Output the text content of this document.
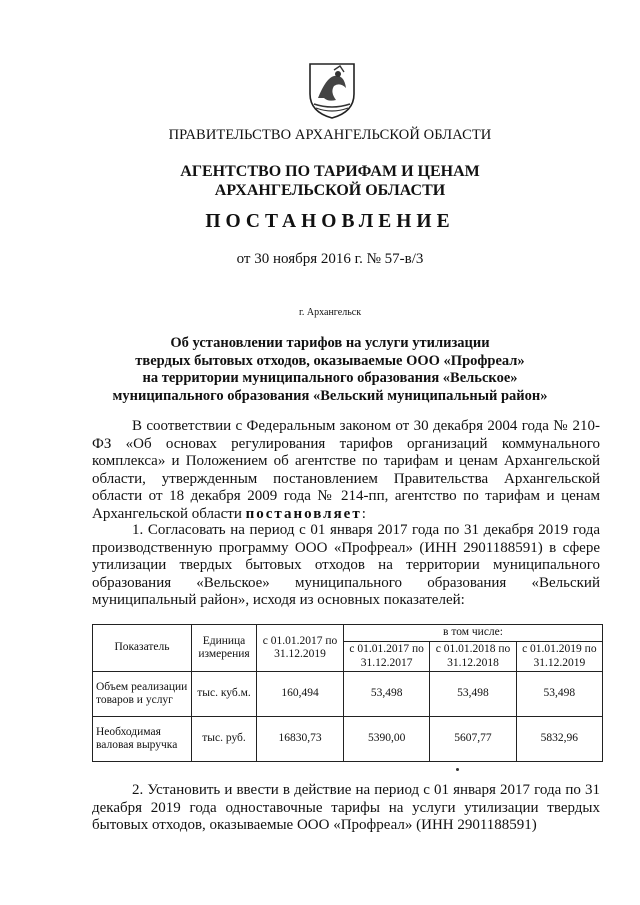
ПРАВИТЕЛЬСТВО АРХАНГЕЛЬСКОЙ ОБЛАСТИ
АГЕНТСТВО ПО ТАРИФАМ И ЦЕНАМ
АРХАНГЕЛЬСКОЙ ОБЛАСТИ
ПОСТАНОВЛЕНИЕ
от 30 ноября 2016 г. № 57-в/3
г. Архангельск
Об установлении тарифов на услуги утилизации
твердых бытовых отходов, оказываемые ООО «Профреал»
на территории муниципального образования «Вельское»
муниципального образования «Вельский муниципальный район»
В соответствии с Федеральным законом от 30 декабря 2004 года № 210-ФЗ «Об основах регулирования тарифов организаций коммунального комплекса» и Положением об агентстве по тарифам и ценам Архангельской области, утвержденным постановлением Правительства Архангельской области от 18 декабря 2009 года № 214-пп, агентство по тарифам и ценам Архангельской области постановляет:
1. Согласовать на период с 01 января 2017 года по 31 декабря 2019 года производственную программу ООО «Профреал» (ИНН 2901188591) в сфере утилизации твердых бытовых отходов на территории муниципального образования «Вельское» муниципального образования «Вельский муниципальный район», исходя из основных показателей:
Показатель	Единица измерения	с 01.01.2017 по 31.12.2019	в том числе:		
			с 01.01.2017 по 31.12.2017	с 01.01.2018 по 31.12.2018	с 01.01.2019 по 31.12.2019
Объем реализации товаров и услуг	тыс. куб.м.	160,494	53,498	53,498	53,498
Необходимая валовая выручка	тыс. руб.	16830,73	5390,00	5607,77	5832,96
2. Установить и ввести в действие на период с 01 января 2017 года по 31 декабря 2019 года одноставочные тарифы на услуги утилизации твердых бытовых отходов, оказываемые ООО «Профреал» (ИНН 2901188591)
